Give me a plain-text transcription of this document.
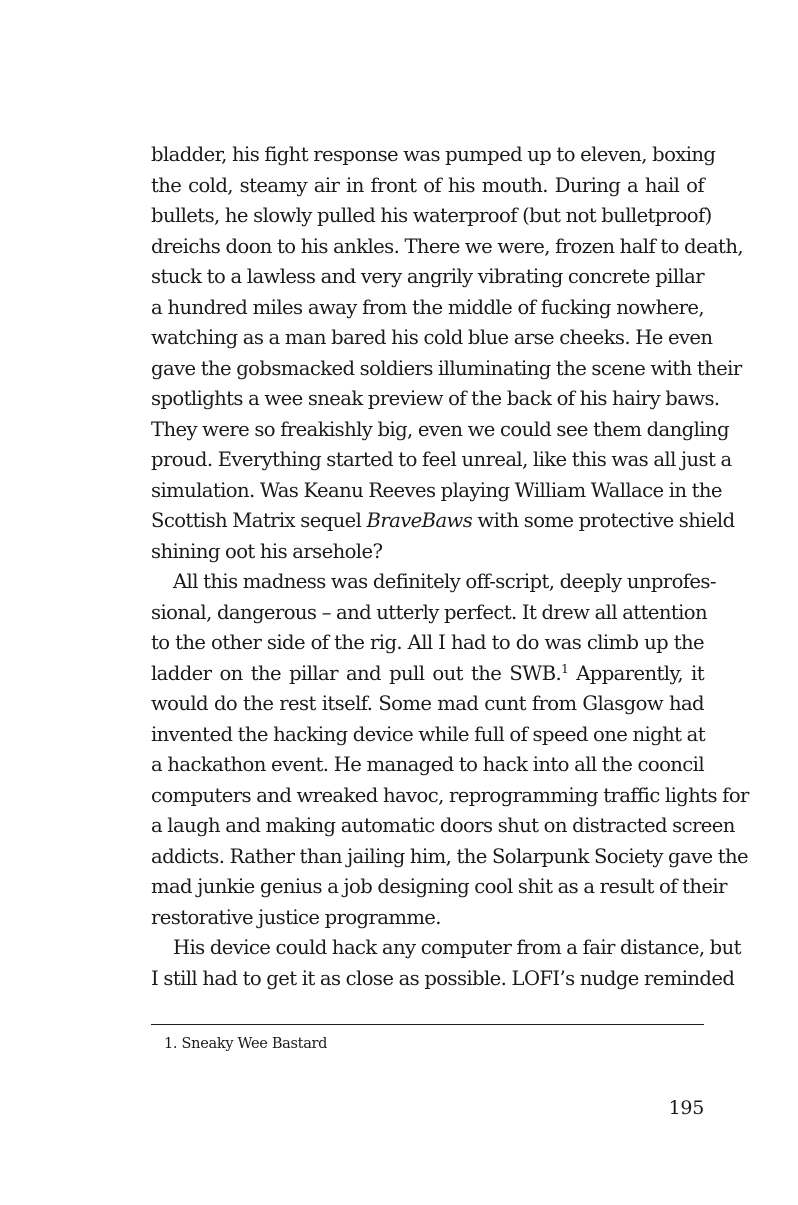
bladder, his fight response was pumped up to eleven, boxing
the cold, steamy air in front of his mouth. During a hail of
bullets, he slowly pulled his waterproof (but not bulletproof)
dreichs doon to his ankles. There we were, frozen half to death,
stuck to a lawless and very angrily vibrating concrete pillar
a hundred miles away from the middle of fucking nowhere,
watching as a man bared his cold blue arse cheeks. He even
gave the gobsmacked soldiers illuminating the scene with their
spotlights a wee sneak preview of the back of his hairy baws.
They were so freakishly big, even we could see them dangling
proud. Everything started to feel unreal, like this was all just a
simulation. Was Keanu Reeves playing William Wallace in the
Scottish Matrix sequel BraveBaws with some protective shield
shining oot his arsehole?
All this madness was definitely off-script, deeply unprofes-
sional, dangerous – and utterly perfect. It drew all attention
to the other side of the rig. All I had to do was climb up the
ladder on the pillar and pull out the SWB.$^1$ Apparently, it
would do the rest itself. Some mad cunt from Glasgow had
invented the hacking device while full of speed one night at
a hackathon event. He managed to hack into all the cooncil
computers and wreaked havoc, reprogramming traffic lights for
a laugh and making automatic doors shut on distracted screen
addicts. Rather than jailing him, the Solarpunk Society gave the
mad junkie genius a job designing cool shit as a result of their
restorative justice programme.
His device could hack any computer from a fair distance, but
I still had to get it as close as possible. LOFI’s nudge reminded
1. Sneaky Wee Bastard
195
